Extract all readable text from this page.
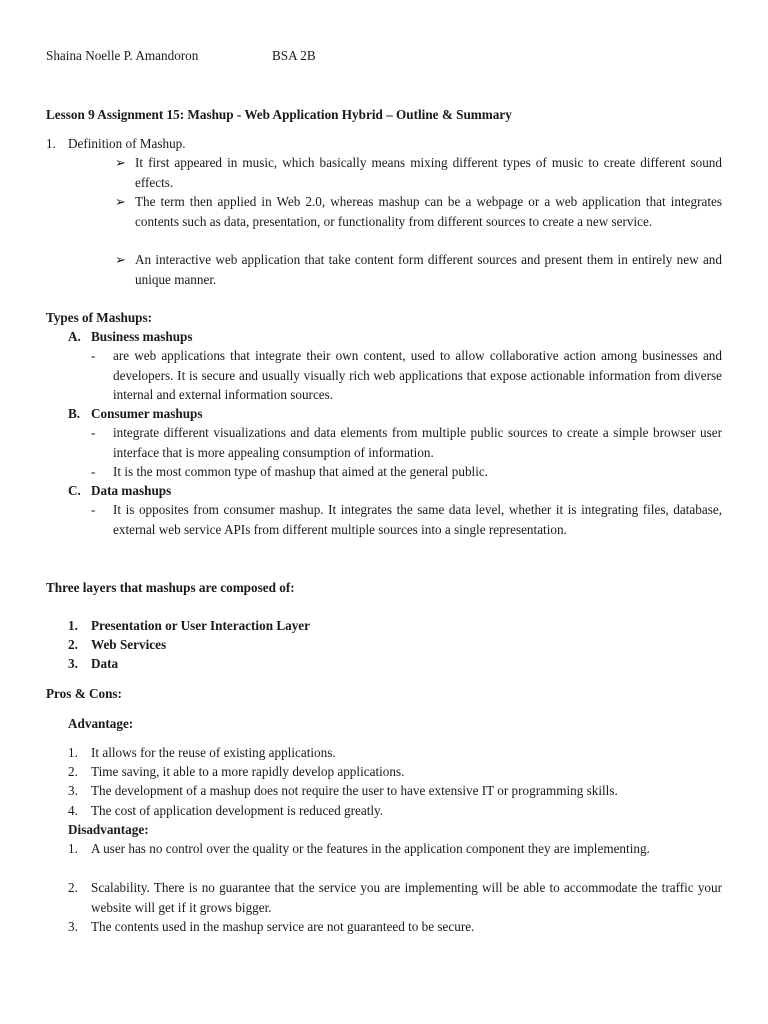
Shaina Noelle P. Amandoron	BSA 2B
Lesson 9 Assignment 15: Mashup - Web Application Hybrid – Outline & Summary
1. Definition of Mashup.
➢ It first appeared in music, which basically means mixing different types of music to create different sound effects.
➢ The term then applied in Web 2.0, whereas mashup can be a webpage or a web application that integrates contents such as data, presentation, or functionality from different sources to create a new service.
➢ An interactive web application that take content form different sources and present them in entirely new and unique manner.
Types of Mashups:
A. Business mashups
- are web applications that integrate their own content, used to allow collaborative action among businesses and developers. It is secure and usually visually rich web applications that expose actionable information from diverse internal and external information sources.
B. Consumer mashups
- integrate different visualizations and data elements from multiple public sources to create a simple browser user interface that is more appealing consumption of information.
- It is the most common type of mashup that aimed at the general public.
C. Data mashups
- It is opposites from consumer mashup. It integrates the same data level, whether it is integrating files, database, external web service APIs from different multiple sources into a single representation.
Three layers that mashups are composed of:
1. Presentation or User Interaction Layer
2. Web Services
3. Data
Pros & Cons:
Advantage:
1. It allows for the reuse of existing applications.
2. Time saving, it able to a more rapidly develop applications.
3. The development of a mashup does not require the user to have extensive IT or programming skills.
4. The cost of application development is reduced greatly.
Disadvantage:
1. A user has no control over the quality or the features in the application component they are implementing.
2. Scalability. There is no guarantee that the service you are implementing will be able to accommodate the traffic your website will get if it grows bigger.
3. The contents used in the mashup service are not guaranteed to be secure.
